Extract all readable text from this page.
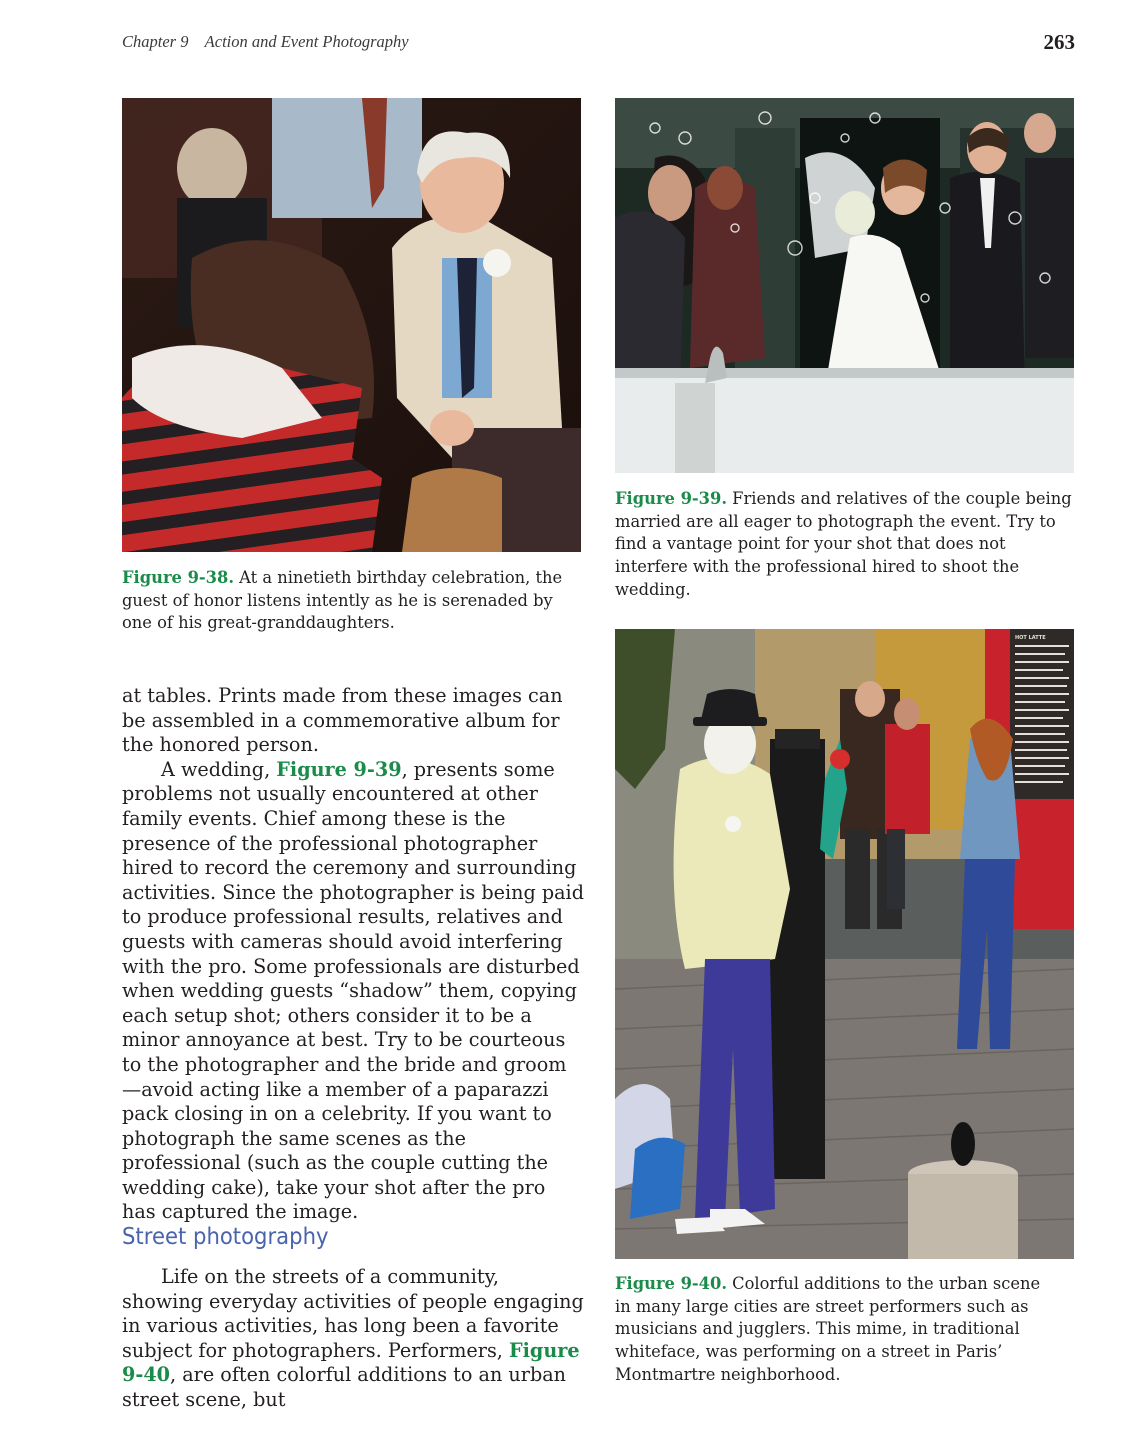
Chapter 9    Action and Event Photography	263
Figure 9-38. At a ninetieth birthday celebration, the guest of honor listens intently as he is serenaded by one of his great-granddaughters.
Figure 9-39. Friends and relatives of the couple being married are all eager to photograph the event. Try to find a vantage point for your shot that does not interfere with the professional hired to shoot the wedding.
HOT LATTE
Figure 9-40. Colorful additions to the urban scene in many large cities are street performers such as musicians and jugglers. This mime, in traditional whiteface, was performing on a street in Paris’ Montmartre neighborhood.

at tables. Prints made from these images can be assembled in a commemorative album for the honored person.

A wedding, Figure 9-39, presents some problems not usually encountered at other family events. Chief among these is the presence of the professional photographer hired to record the ceremony and surrounding activities. Since the photographer is being paid to produce professional results, relatives and guests with cameras should avoid interfering with the pro. Some professionals are disturbed when wedding guests “shadow” them, copying each setup shot; others consider it to be a minor annoyance at best. Try to be courteous to the photographer and the bride and groom—avoid acting like a member of a paparazzi pack closing in on a celebrity. If you want to photograph the same scenes as the professional (such as the couple cutting the wedding cake), take your shot after the pro has captured the image.

Street photography

Life on the streets of a community, showing everyday activities of people engaging in various activities, has long been a favorite subject for photographers. Performers, Figure 9-40, are often colorful additions to an urban street scene, but
